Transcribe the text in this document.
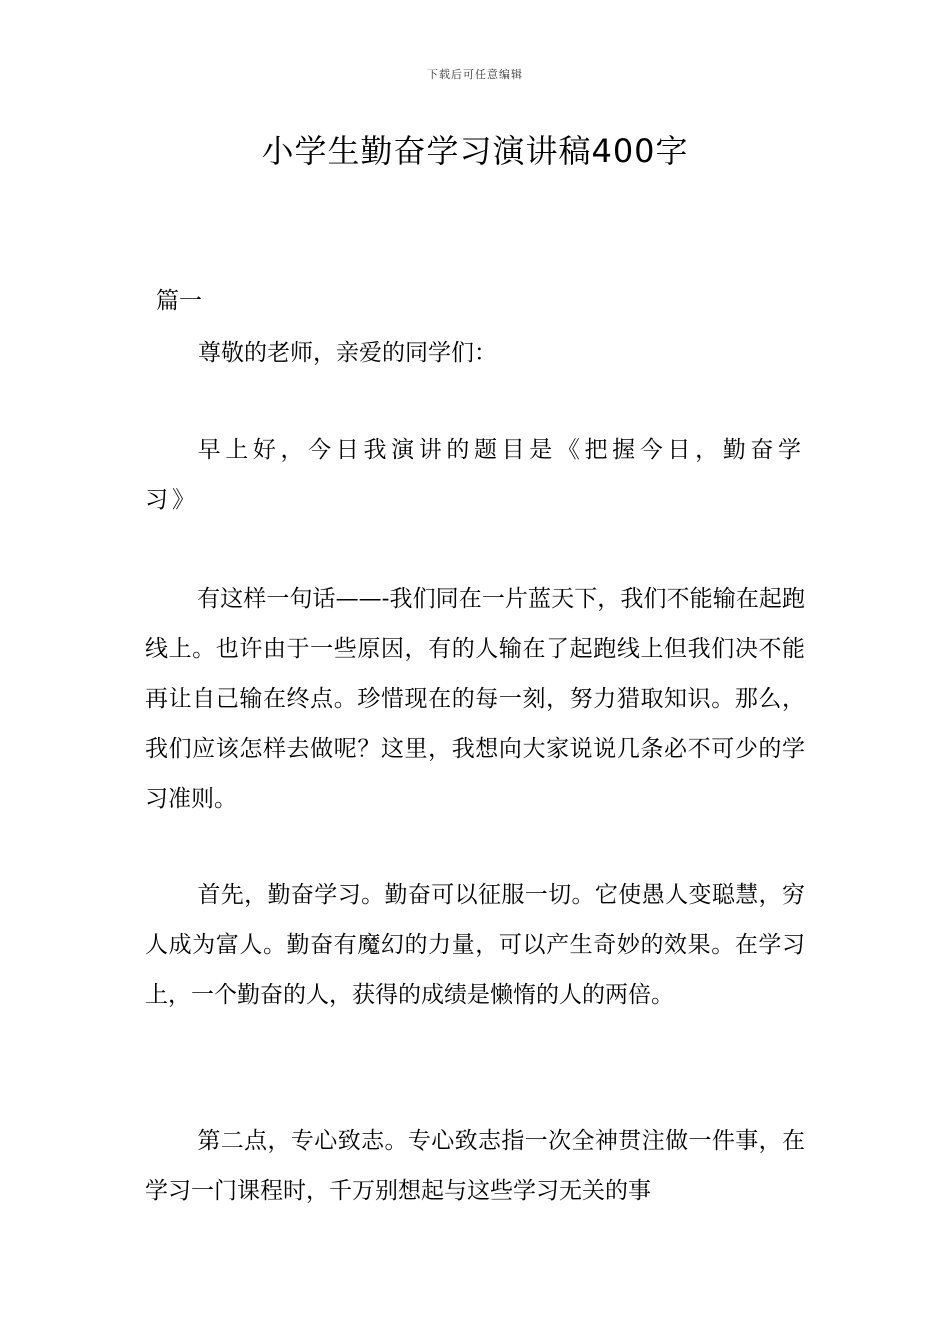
下载后可任意编辑
小学生勤奋学习演讲稿400字
篇一
尊敬的老师，亲爱的同学们：

早上好，今日我演讲的题目是《把握今日，勤奋学习》

有这样一句话——-我们同在一片蓝天下，我们不能输在起跑线上。也许由于一些原因，有的人输在了起跑线上但我们决不能再让自己输在终点。珍惜现在的每一刻，努力猎取知识。那么，我们应该怎样去做呢？这里，我想向大家说说几条必不可少的学习准则。

首先，勤奋学习。勤奋可以征服一切。它使愚人变聪慧，穷人成为富人。勤奋有魔幻的力量，可以产生奇妙的效果。在学习上，一个勤奋的人，获得的成绩是懒惰的人的两倍。

第二点，专心致志。专心致志指一次全神贯注做一件事，在学习一门课程时，千万别想起与这些学习无关的事
